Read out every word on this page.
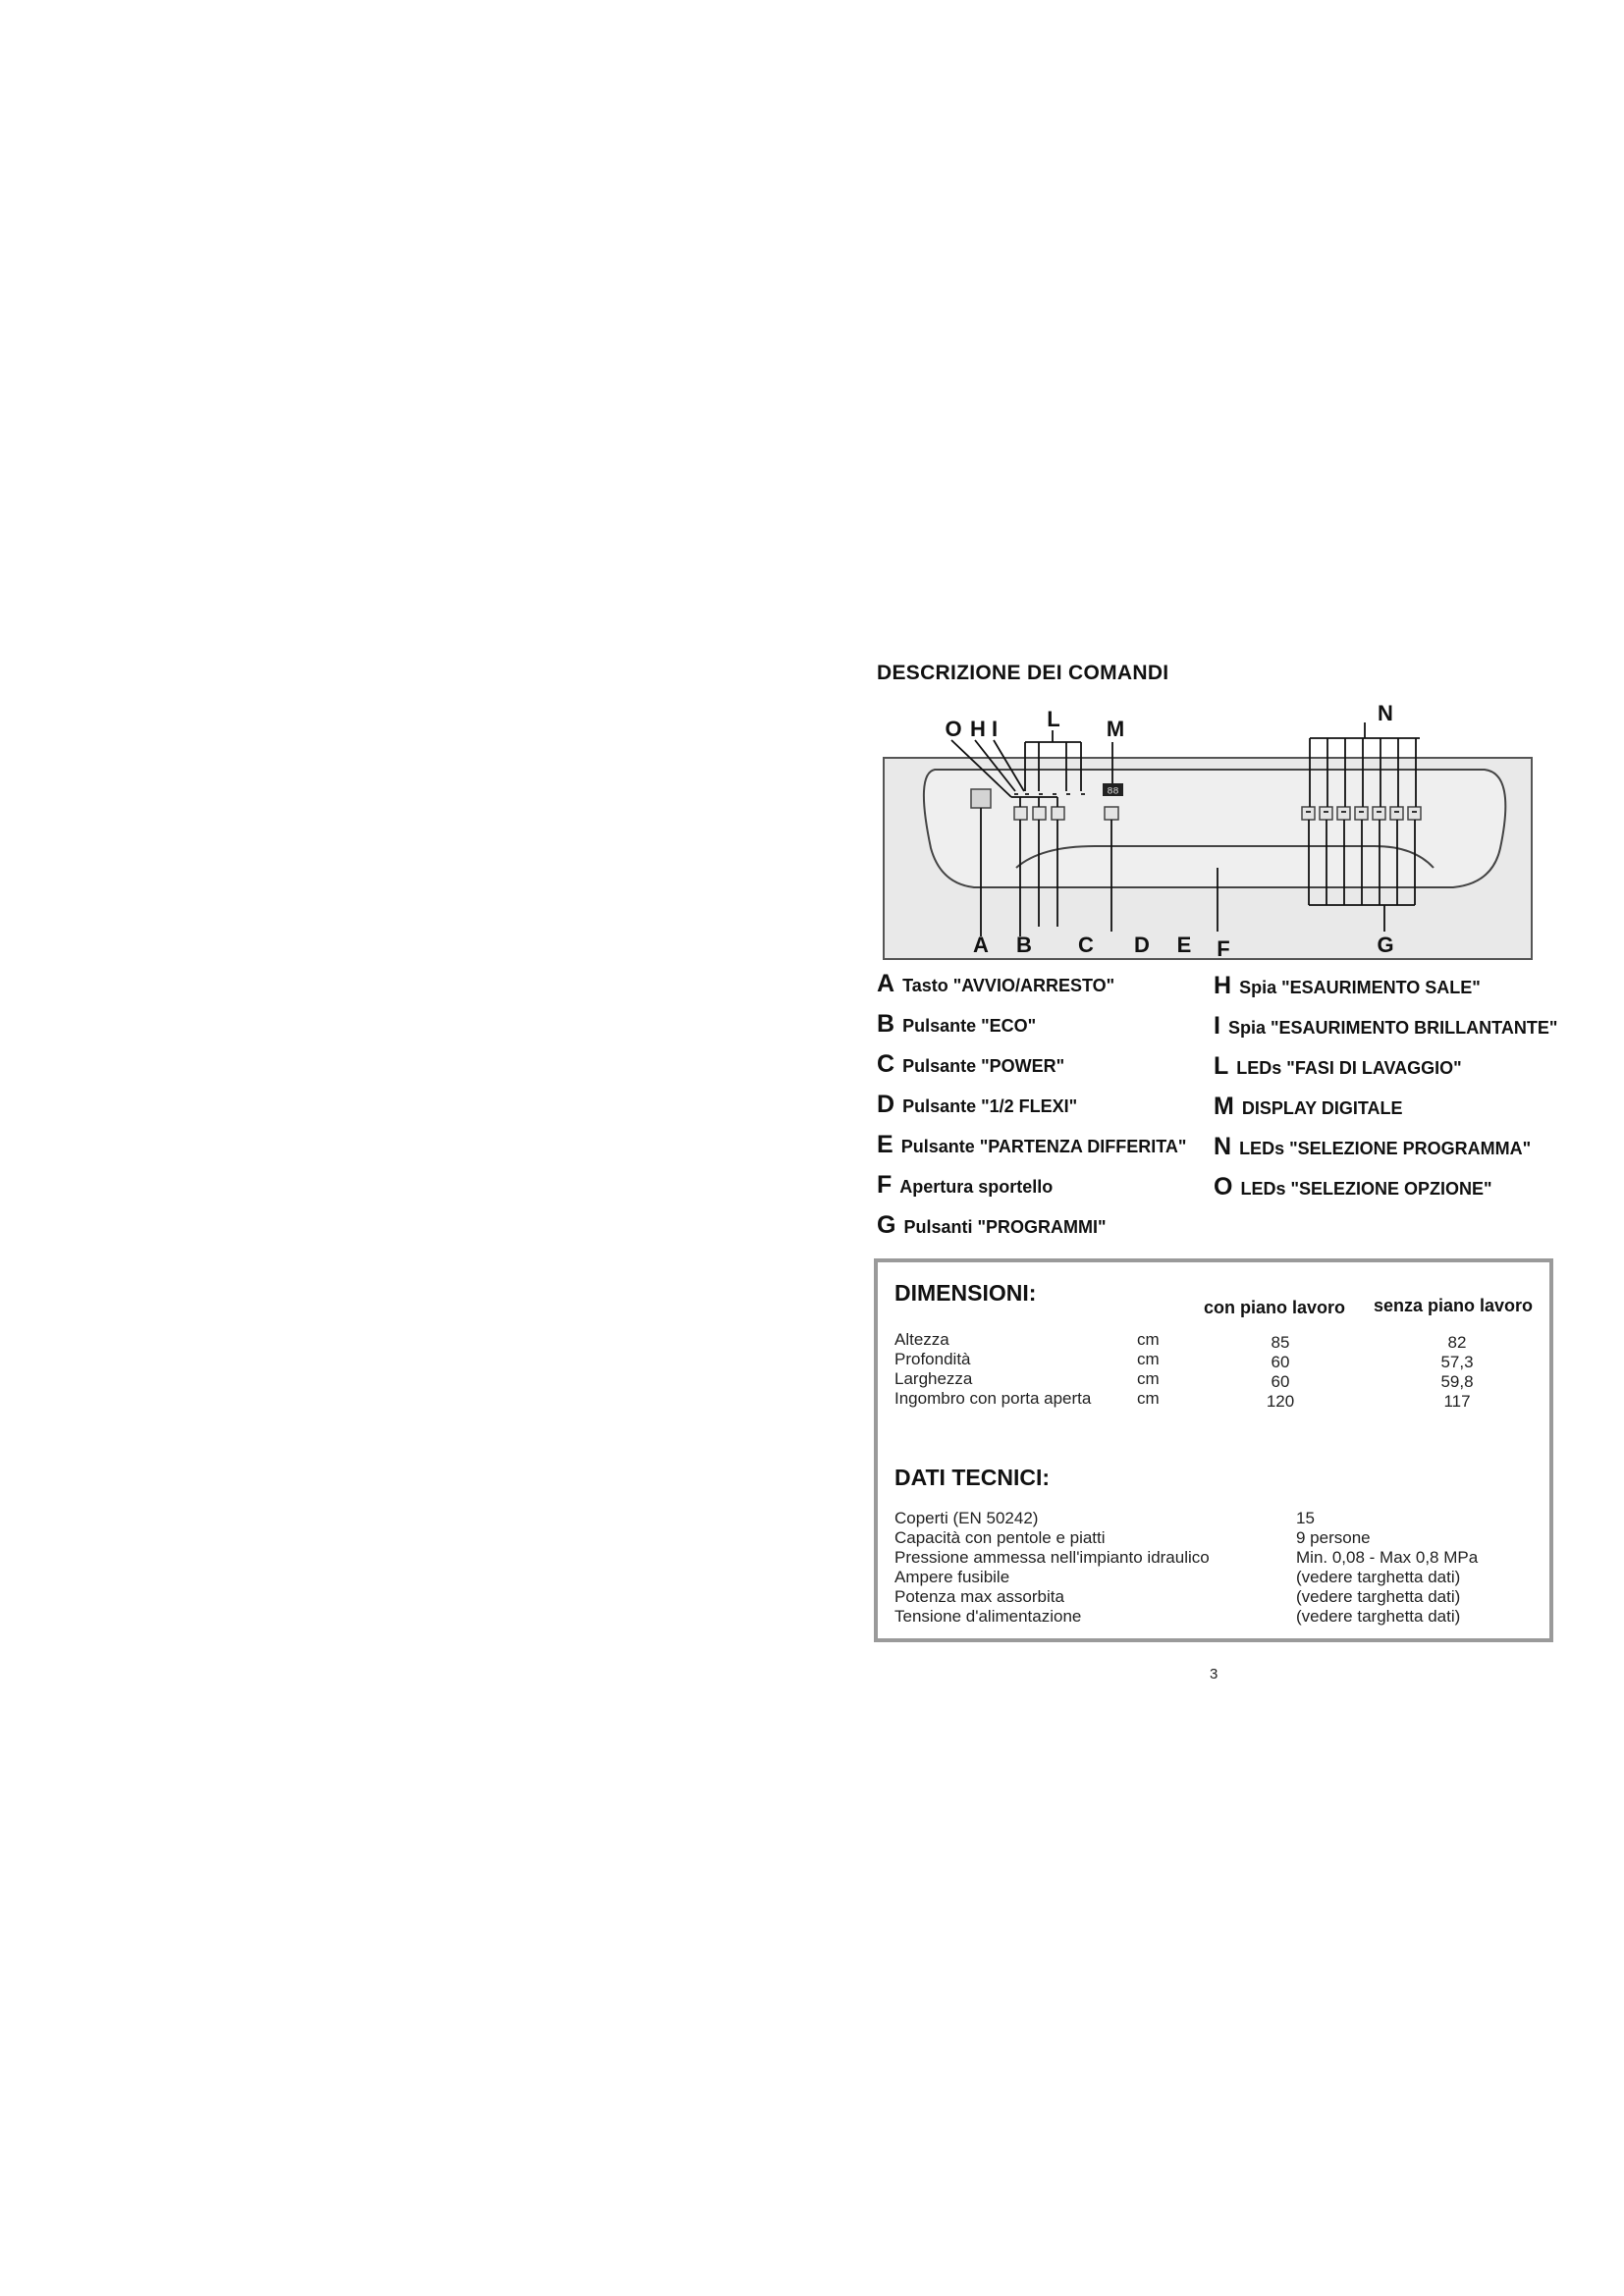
DESCRIZIONE DEI COMANDI
88
O H I L M
N
A B C D E F	G
A Tasto "AVVIO/ARRESTO"
B Pulsante "ECO"
C Pulsante "POWER"
D Pulsante "1/2 FLEXI"
E Pulsante "PARTENZA DIFFERITA"
F Apertura sportello
G Pulsanti "PROGRAMMI"
H Spia "ESAURIMENTO SALE"
I Spia "ESAURIMENTO BRILLANTANTE"
L LEDs "FASI DI LAVAGGIO"
M DISPLAY DIGITALE
N LEDs "SELEZIONE PROGRAMMA"
O LEDs "SELEZIONE OPZIONE"
DIMENSIONI:
con piano lavoro senza piano lavoro
Altezza	cm	85	82
Profondità	cm	60	57,3
Larghezza	cm	60	59,8
Ingombro con porta aperta	cm	120	117
DATI TECNICI:
Coperti (EN 50242)	15
Capacità con pentole e piatti	9 persone
Pressione ammessa nell'impianto idraulico	Min. 0,08 - Max 0,8 MPa
Ampere fusibile	(vedere targhetta dati)
Potenza max assorbita	(vedere targhetta dati)
Tensione d'alimentazione	(vedere targhetta dati)
3
